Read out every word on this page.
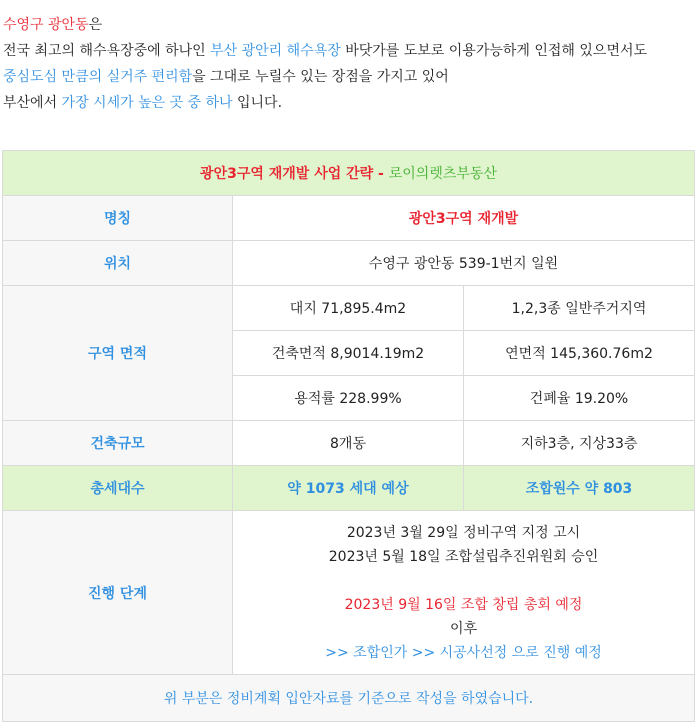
수영구 광안동은

전국 최고의 해수욕장중에 하나인 부산 광안리 해수욕장 바닷가를 도보로 이용가능하게 인접해 있으면서도

중심도심 만큼의 실거주 편리함을 그대로 누릴수 있는 장점을 가지고 있어

부산에서 가장 시세가 높은 곳 중 하나 입니다.

광안3구역 재개발 사업 간략 - 로이의렛츠부동산		
명칭	광안3구역 재개발	
위치	수영구 광안동 539-1번지 일원	
구역 면적	대지 71,895.4m2	1,2,3종 일반주거지역
	건축면적 8,9014.19m2	연면적 145,360.76m2
	용적률 228.99%	건폐율 19.20%
건축규모	8개동	지하3층, 지상33층
총세대수	약 1073 세대 예상	조합원수 약 803
진행 단계	2023년 3월 29일 정비구역 지정 고시
2023년 5월 18일 조합설립추진위원회 승인
2023년 9월 16일 조합 창립 총회 예정
이후
>> 조합인가 >> 시공사선정 으로 진행 예정	

위 부분은 정비계획 입안자료를 기준으로 작성을 하였습니다.		
